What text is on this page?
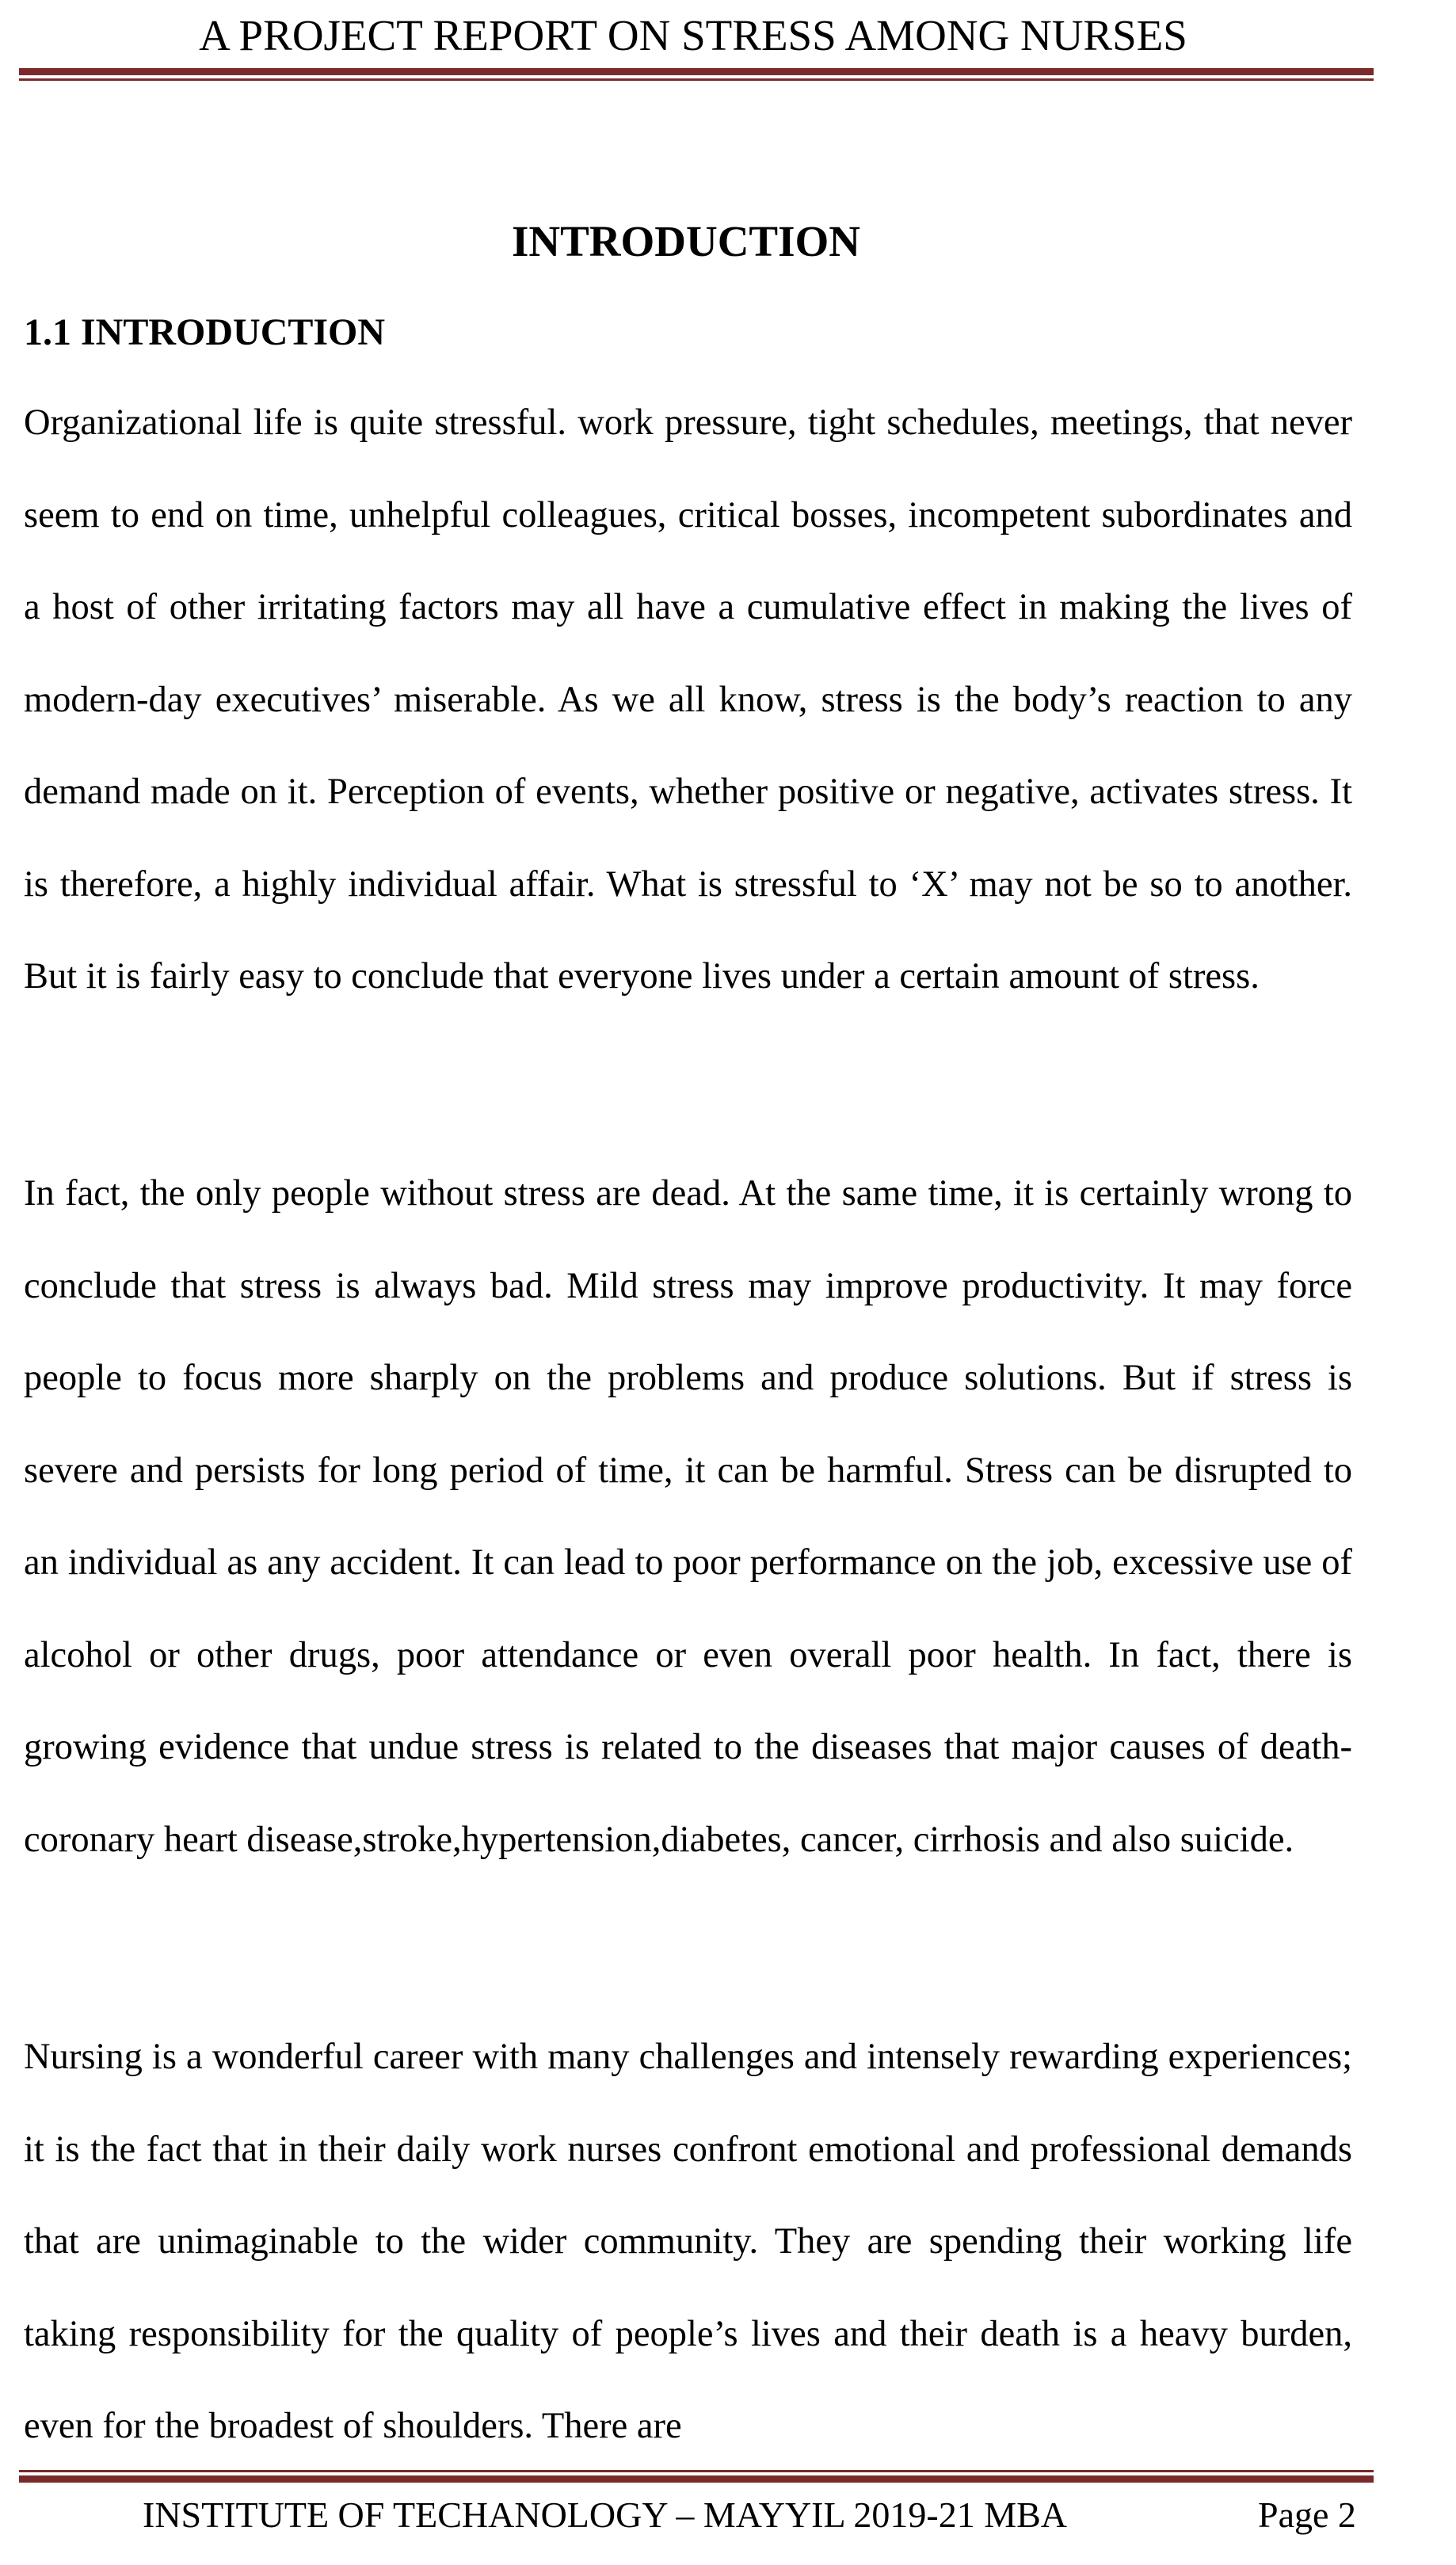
A PROJECT REPORT ON STRESS AMONG NURSES
INTRODUCTION
1.1 INTRODUCTION

Organizational life is quite stressful. work pressure, tight schedules, meetings, that never seem to end on time, unhelpful colleagues, critical bosses, incompetent subordinates and a host of other irritating factors may all have a cumulative effect in making the lives of modern-day executives’ miserable. As we all know, stress is the body’s reaction to any demand made on it. Perception of events, whether positive or negative, activates stress. It is therefore, a highly individual affair. What is stressful to ‘X’ may not be so to another. But it is fairly easy to conclude that everyone lives under a certain amount of stress.

In fact, the only people without stress are dead. At the same time, it is certainly wrong to conclude that stress is always bad. Mild stress may improve productivity. It may force people to focus more sharply on the problems and produce solutions. But if stress is severe and persists for long period of time, it can be harmful. Stress can be disrupted to an individual as any accident. It can lead to poor performance on the job, excessive use of alcohol or other drugs, poor attendance or even overall poor health. In fact, there is growing evidence that undue stress is related to the diseases that major causes of death-coronary heart disease,stroke,hypertension,diabetes, cancer, cirrhosis and also suicide.

Nursing is a wonderful career with many challenges and intensely rewarding experiences; it is the fact that in their daily work nurses confront emotional and professional demands that are unimaginable to the wider community. They are spending their working life taking responsibility for the quality of people’s lives and their death is a heavy burden, even for the broadest of shoulders. There are

INSTITUTE OF TECHANOLOGY – MAYYIL 2019-21 MBA	Page 2
